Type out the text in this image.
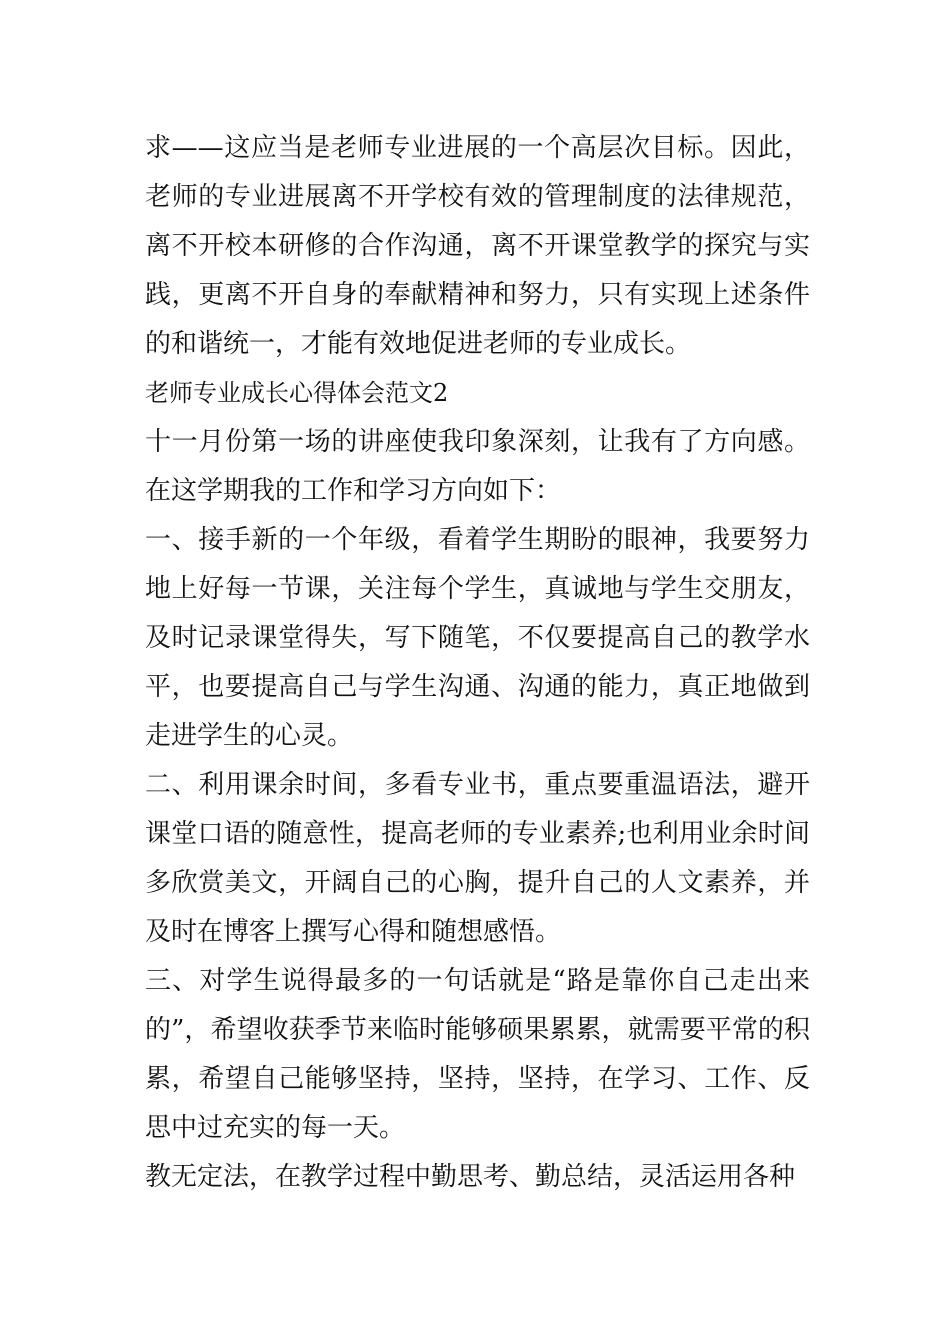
求——这应当是老师专业进展的一个高层次目标。因此，老师的专业进展离不开学校有效的管理制度的法律规范，离不开校本研修的合作沟通，离不开课堂教学的探究与实践，更离不开自身的奉献精神和努力，只有实现上述条件的和谐统一，才能有效地促进老师的专业成长。

老师专业成长心得体会范文2

十一月份第一场的讲座使我印象深刻，让我有了方向感。在这学期我的工作和学习方向如下：

一、接手新的一个年级，看着学生期盼的眼神，我要努力地上好每一节课，关注每个学生，真诚地与学生交朋友，及时记录课堂得失，写下随笔，不仅要提高自己的教学水平，也要提高自己与学生沟通、沟通的能力，真正地做到走进学生的心灵。

二、利用课余时间，多看专业书，重点要重温语法，避开课堂口语的随意性，提高老师的专业素养;也利用业余时间多欣赏美文，开阔自己的心胸，提升自己的人文素养，并及时在博客上撰写心得和随想感悟。

三、对学生说得最多的一句话就是“路是靠你自己走出来的”，希望收获季节来临时能够硕果累累，就需要平常的积累，希望自己能够坚持，坚持，坚持，在学习、工作、反思中过充实的每一天。

教无定法，在教学过程中勤思考、勤总结，灵活运用各种
